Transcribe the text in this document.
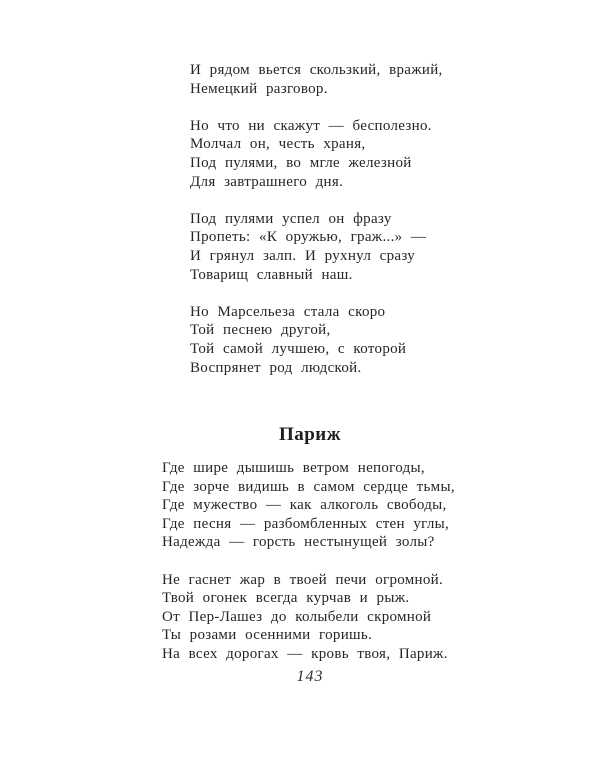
И рядом вьется скользкий, вражий,
Немецкий разговор.
Но что ни скажут — бесполезно.
Молчал он, честь храня,
Под пулями, во мгле железной
Для завтрашнего дня.
Под пулями успел он фразу
Пропеть: «К оружью, граж...» —
И грянул залп. И рухнул сразу
Товарищ славный наш.
Но Марсельеза стала скоро
Той песнею другой,
Той самой лучшею, с которой
Воспрянет род людской.
Париж
Где шире дышишь ветром непогоды,
Где зорче видишь в самом сердце тьмы,
Где мужество — как алкоголь свободы,
Где песня — разбомбленных стен углы,
Надежда — горсть нестынущей золы?
Не гаснет жар в твоей печи огромной.
Твой огонек всегда курчав и рыж.
От Пер-Лашез до колыбели скромной
Ты розами осенними горишь.
На всех дорогах — кровь твоя, Париж.
143
